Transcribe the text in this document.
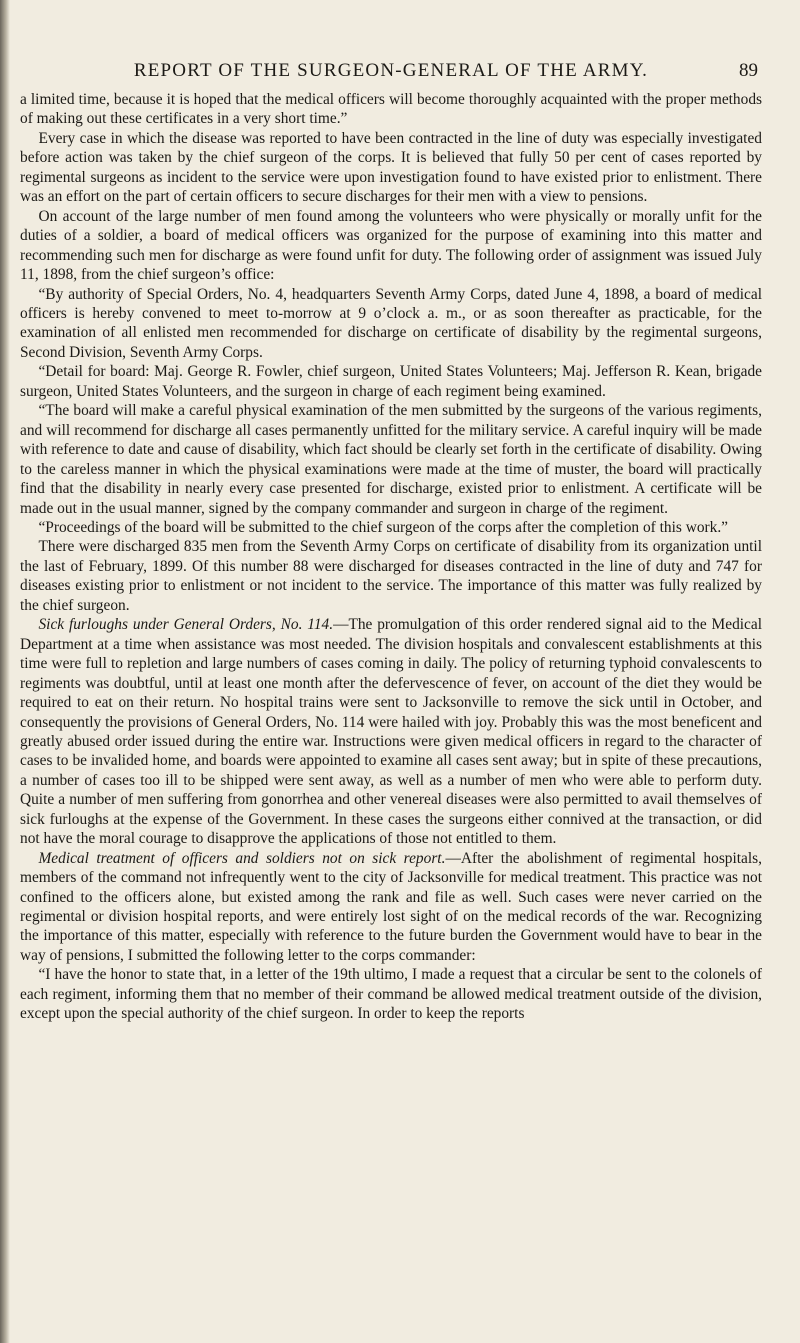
REPORT OF THE SURGEON-GENERAL OF THE ARMY.	89

a limited time, because it is hoped that the medical officers will become thoroughly acquainted with the proper methods of making out these certificates in a very short time.”

Every case in which the disease was reported to have been contracted in the line of duty was especially investigated before action was taken by the chief surgeon of the corps. It is believed that fully 50 per cent of cases reported by regimental surgeons as incident to the service were upon investigation found to have existed prior to enlistment. There was an effort on the part of certain officers to secure discharges for their men with a view to pensions.

On account of the large number of men found among the volunteers who were physically or morally unfit for the duties of a soldier, a board of medical officers was organized for the purpose of examining into this matter and recommending such men for discharge as were found unfit for duty. The following order of assignment was issued July 11, 1898, from the chief surgeon’s office:

“By authority of Special Orders, No. 4, headquarters Seventh Army Corps, dated June 4, 1898, a board of medical officers is hereby convened to meet to-morrow at 9 o’clock a. m., or as soon thereafter as practicable, for the examination of all enlisted men recommended for discharge on certificate of disability by the regimental surgeons, Second Division, Seventh Army Corps.

“Detail for board: Maj. George R. Fowler, chief surgeon, United States Volunteers; Maj. Jefferson R. Kean, brigade surgeon, United States Volunteers, and the surgeon in charge of each regiment being examined.

“The board will make a careful physical examination of the men submitted by the surgeons of the various regiments, and will recommend for discharge all cases permanently unfitted for the military service. A careful inquiry will be made with reference to date and cause of disability, which fact should be clearly set forth in the certificate of disability. Owing to the careless manner in which the physical examinations were made at the time of muster, the board will practically find that the disability in nearly every case presented for discharge, existed prior to enlistment. A certificate will be made out in the usual manner, signed by the company commander and surgeon in charge of the regiment.

“Proceedings of the board will be submitted to the chief surgeon of the corps after the completion of this work.”

There were discharged 835 men from the Seventh Army Corps on certificate of disability from its organization until the last of February, 1899. Of this number 88 were discharged for diseases contracted in the line of duty and 747 for diseases existing prior to enlistment or not incident to the service. The importance of this matter was fully realized by the chief surgeon.

Sick furloughs under General Orders, No. 114.—The promulgation of this order rendered signal aid to the Medical Department at a time when assistance was most needed. The division hospitals and convalescent establishments at this time were full to repletion and large numbers of cases coming in daily. The policy of returning typhoid convalescents to regiments was doubtful, until at least one month after the defervescence of fever, on account of the diet they would be required to eat on their return. No hospital trains were sent to Jacksonville to remove the sick until in October, and consequently the provisions of General Orders, No. 114 were hailed with joy. Probably this was the most beneficent and greatly abused order issued during the entire war. Instructions were given medical officers in regard to the character of cases to be invalided home, and boards were appointed to examine all cases sent away; but in spite of these precautions, a number of cases too ill to be shipped were sent away, as well as a number of men who were able to perform duty. Quite a number of men suffering from gonorrhea and other venereal diseases were also permitted to avail themselves of sick furloughs at the expense of the Government. In these cases the surgeons either connived at the transaction, or did not have the moral courage to disapprove the applications of those not entitled to them.

Medical treatment of officers and soldiers not on sick report.—After the abolishment of regimental hospitals, members of the command not infrequently went to the city of Jacksonville for medical treatment. This practice was not confined to the officers alone, but existed among the rank and file as well. Such cases were never carried on the regimental or division hospital reports, and were entirely lost sight of on the medical records of the war. Recognizing the importance of this matter, especially with reference to the future burden the Government would have to bear in the way of pensions, I submitted the following letter to the corps commander:

“I have the honor to state that, in a letter of the 19th ultimo, I made a request that a circular be sent to the colonels of each regiment, informing them that no member of their command be allowed medical treatment outside of the division, except upon the special authority of the chief surgeon. In order to keep the reports
